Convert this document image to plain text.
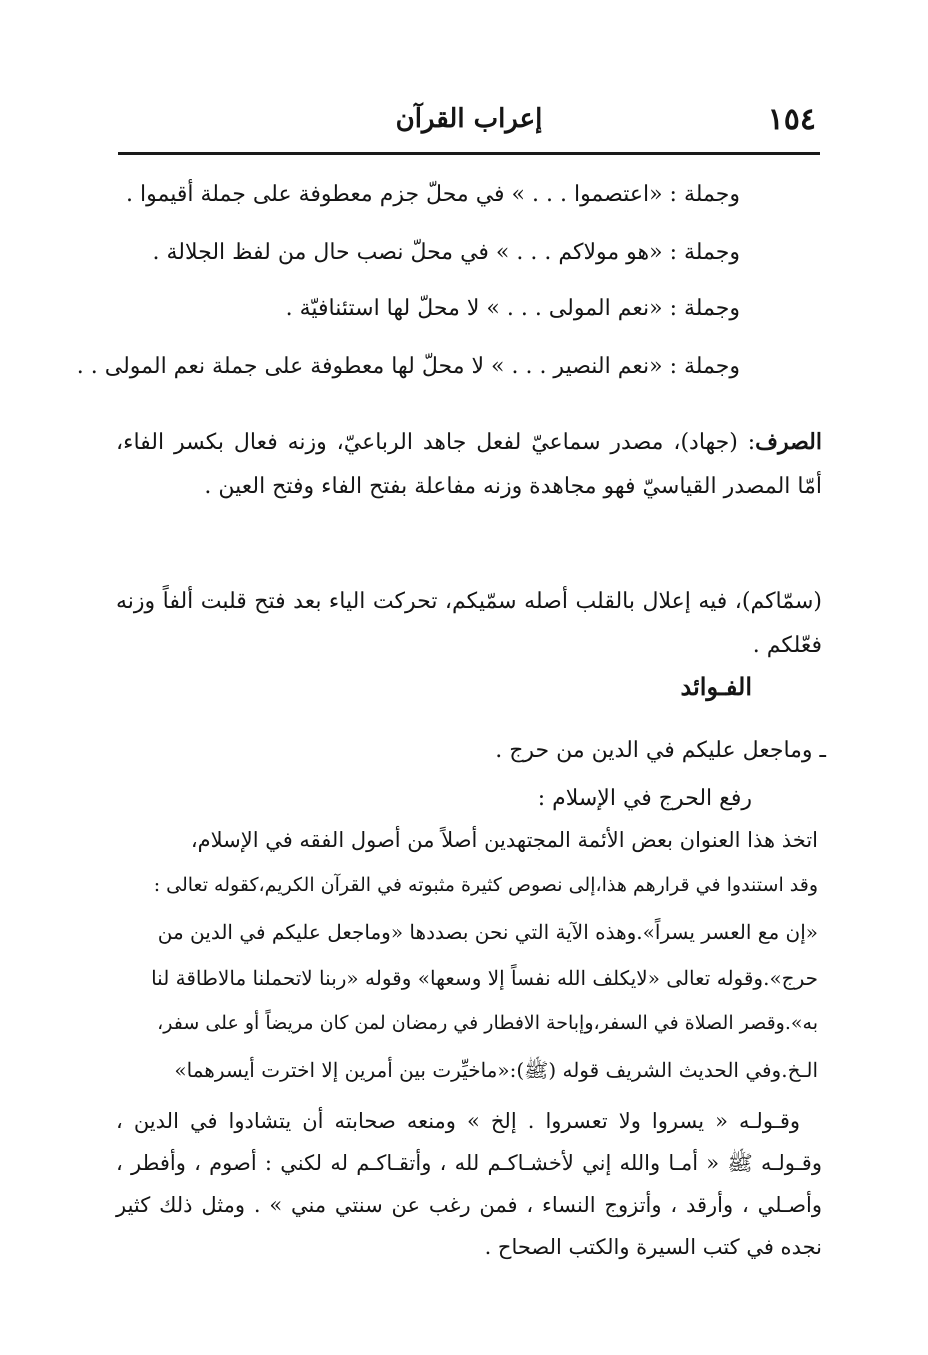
١٥٤
إعراب القرآن
وجملة : «اعتصموا . . . » في محلّ جزم معطوفة على جملة أقيموا .
وجملة : «هو مولاكم . . . » في محلّ نصب حال من لفظ الجلالة .
وجملة : «نعم المولى . . . » لا محلّ لها استئنافيّة .
وجملة : «نعم النصير . . . » لا محلّ لها معطوفة على جملة نعم المولى . .
الصرف: (جهاد)، مصدر سماعيّ لفعل جاهد الرباعيّ، وزنه فعال بكسر الفاء، أمّا المصدر القياسيّ فهو مجاهدة وزنه مفاعلة بفتح الفاء وفتح العين .
(سمّاكم)، فيه إعلال بالقلب أصله سمّيكم، تحركت الياء بعد فتح قلبت ألفاً وزنه فعّلكم .
الفـوائد
ـ وماجعل عليكم في الدين من حرج .
رفع الحرج في الإسلام :
اتخذ هذا العنوان بعض الأئمة المجتهدين أصلاً من أصول الفقه في الإسلام،
وقد استندوا في قرارهم هذا،إلى نصوص كثيرة مثبوته في القرآن الكريم،كقوله تعالى :
«إن مع العسر يسراً».وهذه الآية التي نحن بصددها «وماجعل عليكم في الدين من
حرج».وقوله تعالى «لايكلف الله نفساً إلا وسعها» وقوله «ربنا لاتحملنا مالاطاقة لنا
به».وقصر الصلاة في السفر،وإباحة الافطار في رمضان لمن كان مريضاً أو على سفر،
الـخ.وفي الحديث الشريف قوله (ﷺ):«ماخيِّرت بين أمرين إلا اخترت أيسرهما»
وقـولـه « يسروا ولا تعسروا . إلخ » ومنعه صحابته أن يتشادوا في الدين ، وقـولـه ﷺ « أمـا والله إني لأخشـاكـم لله ، وأتقـاكـم له لكني : أصوم ، وأفطر ، وأصـلي ، وأرقد ، وأتزوج النساء ، فمن رغب عن سنتي مني » . ومثل ذلك كثير نجده في كتب السيرة والكتب الصحاح .
